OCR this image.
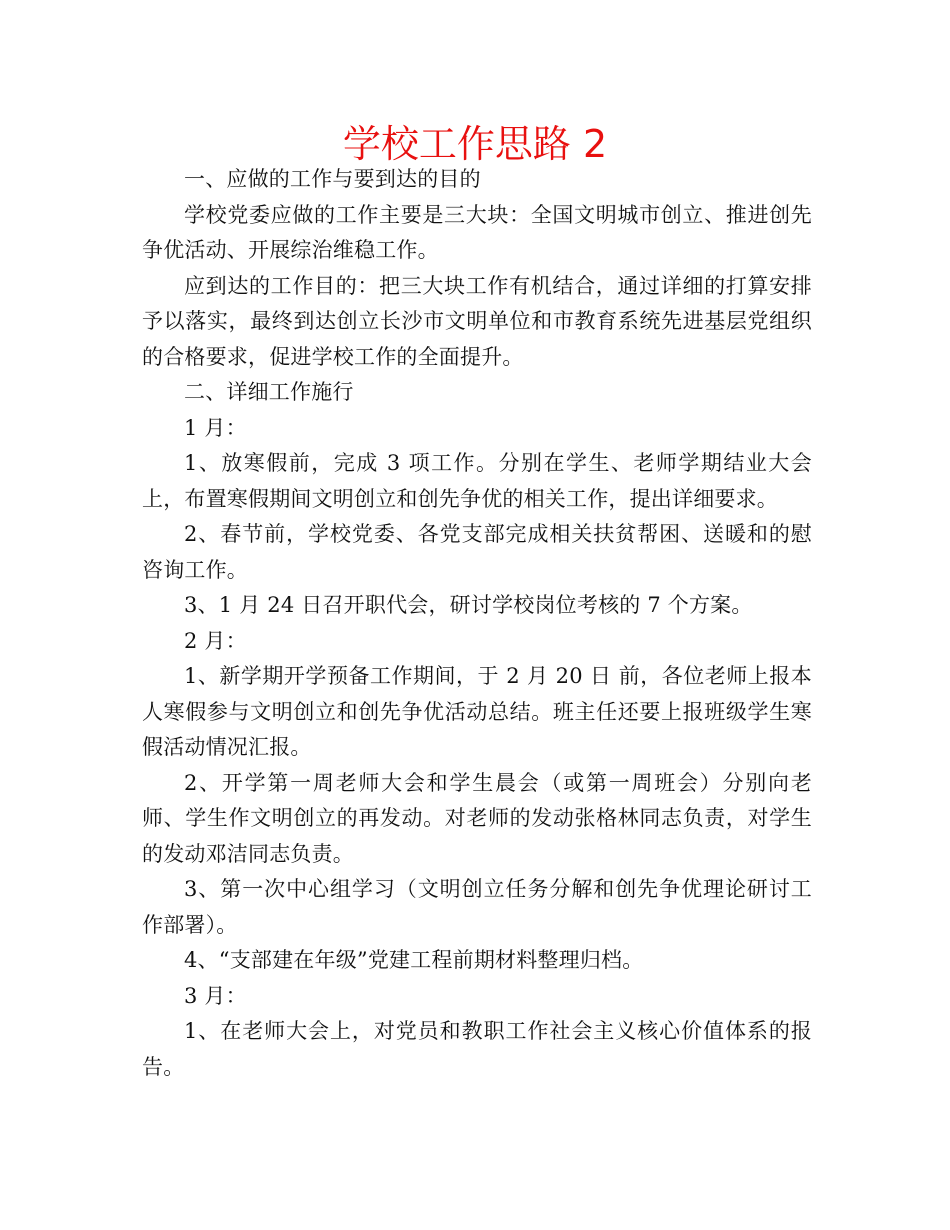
学校工作思路 2

一、应做的工作与要到达的目的

学校党委应做的工作主要是三大块：全国文明城市创立、推进创先争优活动、开展综治维稳工作。

应到达的工作目的：把三大块工作有机结合，通过详细的打算安排予以落实，最终到达创立长沙市文明单位和市教育系统先进基层党组织的合格要求，促进学校工作的全面提升。

二、详细工作施行

1 月：

1、放寒假前，完成 3 项工作。分别在学生、老师学期结业大会上，布置寒假期间文明创立和创先争优的相关工作，提出详细要求。

2、春节前，学校党委、各党支部完成相关扶贫帮困、送暖和的慰咨询工作。

3、1 月 24 日召开职代会，研讨学校岗位考核的 7 个方案。

2 月：

1、新学期开学预备工作期间，于 2 月 20 日 前，各位老师上报本人寒假参与文明创立和创先争优活动总结。班主任还要上报班级学生寒假活动情况汇报。

2、开学第一周老师大会和学生晨会（或第一周班会）分别向老师、学生作文明创立的再发动。对老师的发动张格林同志负责，对学生的发动邓洁同志负责。

3、第一次中心组学习（文明创立任务分解和创先争优理论研讨工作部署）。

4、“支部建在年级”党建工程前期材料整理归档。

3 月：

1、在老师大会上，对党员和教职工作社会主义核心价值体系的报告。
